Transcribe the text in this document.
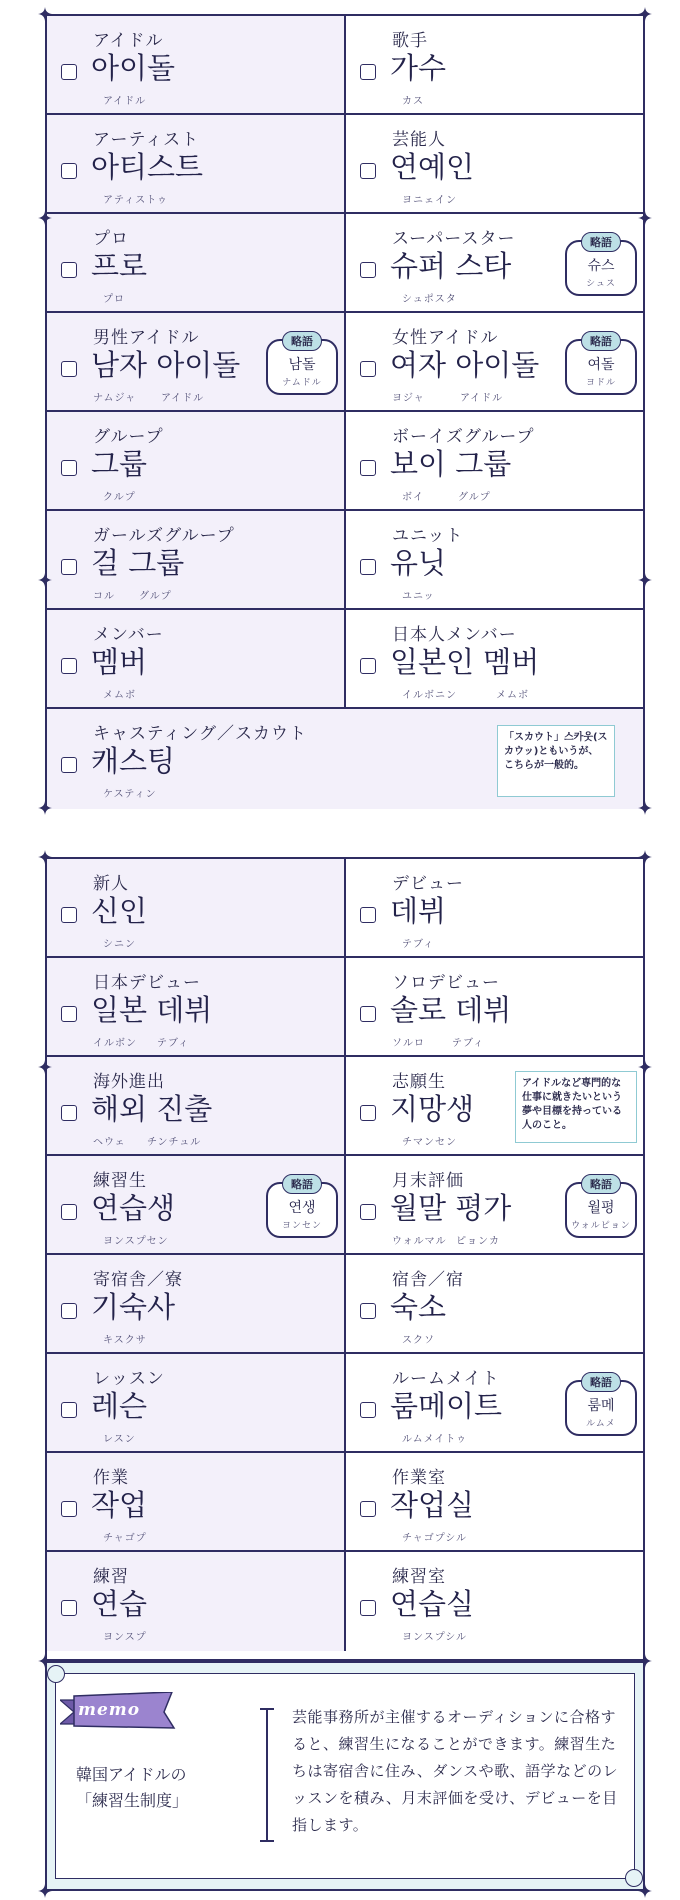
アイドル
아이돌
アイドル
歌手
가수
カス
アーティスト
아티스트
アティストゥ
芸能人
연예인
ヨニェイン
プロ
프로
プロ
スーパースター
슈퍼 스타
シュポスタ
略語
슈스
シュス
男性アイドル
남자 아이돌
ナムジャ アイドル
略語
남돌
ナムドル
女性アイドル
여자 아이돌
ヨジャ	アイドル
略語
여돌
ヨドル
グループ
그룹
クルプ
ボーイズグループ
보이 그룹
ボイ	グルプ
ガールズグループ
걸 그룹
コル グルプ
ユニット
유닛
ユニッ
メンバー
멤버
メムボ
日本人メンバー
일본인 멤버
イルボニン	メムボ
キャスティング／スカウト
캐스팅
ケスティン
「スカウト」스카웃(スカウッ)ともいうが、こちらが一般的。
新人
신인
シニン
デビュー
데뷔
テブィ
日本デビュー
일본 데뷔
イルボン テブィ
ソロデビュー
솔로 데뷔
ソルロ	テブィ
海外進出
해외 진출
ヘウェ チンチュル
志願生
지망생
チマンセン
アイドルなど専門的な仕事に就きたいという夢や目標を持っている人のこと。
練習生
연습생
ヨンスプセン
略語
연생
ヨンセン
月末評価
월말 평가
ウォルマル ピョンカ
略語
월평
ウォルピョン
寄宿舎／寮
기숙사
キスクサ
宿舎／宿
숙소
スクソ
レッスン
레슨
レスン
ルームメイト
룸메이트
ルムメイトゥ
略語
룸메
ルムメ
作業
작업
チャゴプ
作業室
작업실
チャゴプシル
練習
연습
ヨンスプ
練習室
연습실
ヨンスプシル
memo
韓国アイドルの
「練習生制度」
芸能事務所が主催するオーディションに合格すると、練習生になることができます。練習生たちは寄宿舎に住み、ダンスや歌、語学などのレッスンを積み、月末評価を受け、デビューを目指します。
